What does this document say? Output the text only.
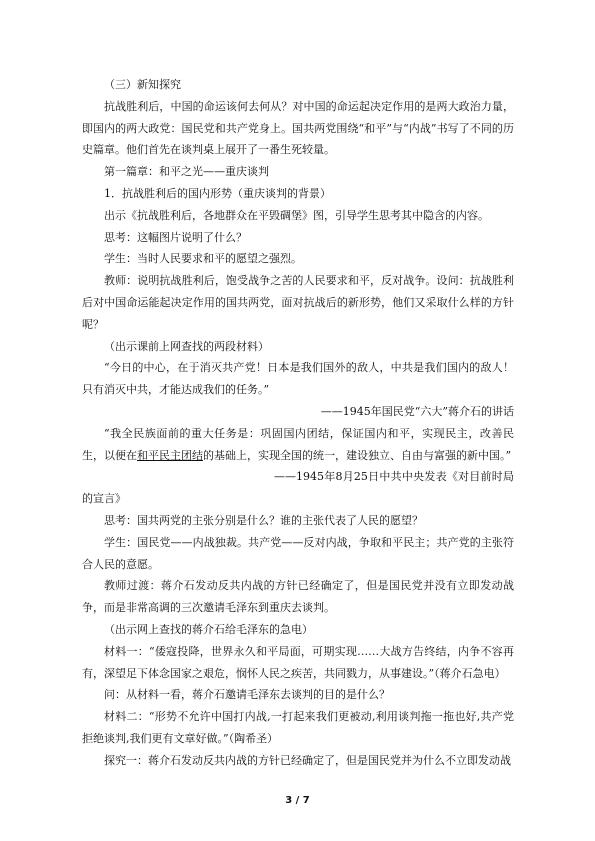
（三）新知探究

抗战胜利后，中国的命运该何去何从？对中国的命运起决定作用的是两大政治力量，即国内的两大政党：国民党和共产党身上。国共两党围绕“和平”与“内战”书写了不同的历史篇章。他们首先在谈判桌上展开了一番生死较量。

第一篇章：和平之光——重庆谈判

1．抗战胜利后的国内形势（重庆谈判的背景）

出示《抗战胜利后，各地群众在平毁碉堡》图，引导学生思考其中隐含的内容。

思考：这幅图片说明了什么？

学生：当时人民要求和平的愿望之强烈。

教师：说明抗战胜利后，饱受战争之苦的人民要求和平，反对战争。设问：抗战胜利后对中国命运能起决定作用的国共两党，面对抗战后的新形势，他们又采取什么样的方针呢？

（出示课前上网查找的两段材料）

“今日的中心，在于消灭共产党！日本是我们国外的敌人，中共是我们国内的敌人！只有消灭中共，才能达成我们的任务。”

——1945年国民党“六大”蒋介石的讲话

“我全民族面前的重大任务是：巩固国内团结，保证国内和平，实现民主，改善民生，以便在和平民主团结的基础上，实现全国的统一，建设独立、自由与富强的新中国。”

——1945年8月25日中共中央发表《对目前时局的宣言》

思考：国共两党的主张分别是什么？谁的主张代表了人民的愿望？

学生：国民党——内战独裁。共产党——反对内战，争取和平民主；共产党的主张符合人民的意愿。

教师过渡：蒋介石发动反共内战的方针已经确定了，但是国民党并没有立即发动战争，而是非常高调的三次邀请毛泽东到重庆去谈判。

（出示网上查找的蒋介石给毛泽东的急电）

材料一：“倭寇投降，世界永久和平局面，可期实现……大战方告终结，内争不容再有，深望足下体念国家之艰危，悯怀人民之疾苦，共同戮力，从事建设。”（蒋介石急电）

问：从材料一看，蒋介石邀请毛泽东去谈判的目的是什么？

材料二：“形势不允许中国打内战,一打起来我们更被动,利用谈判拖一拖也好,共产党拒绝谈判,我们更有文章好做。”（陶希圣）

探究一：蒋介石发动反共内战的方针已经确定了，但是国民党并为什么不立即发动战

3 / 7
